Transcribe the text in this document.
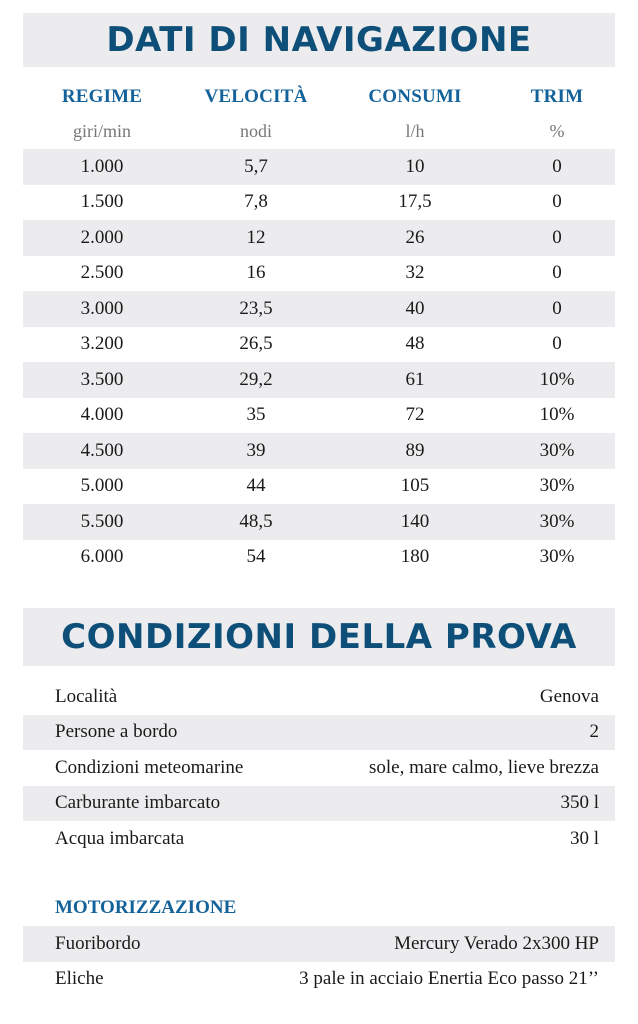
DATI DI NAVIGAZIONE
REGIME	VELOCITÀ	CONSUMI	TRIM
giri/min	nodi	l/h	%
1.000	5,7	10	0
1.500	7,8	17,5	0
2.000	12	26	0
2.500	16	32	0
3.000	23,5	40	0
3.200	26,5	48	0
3.500	29,2	61	10%
4.000	35	72	10%
4.500	39	89	30%
5.000	44	105	30%
5.500	48,5	140	30%
6.000	54	180	30%
CONDIZIONI DELLA PROVA
Località	Genova
Persone a bordo	2
Condizioni meteomarine	sole, mare calmo, lieve brezza
Carburante imbarcato	350 l
Acqua imbarcata	30 l
MOTORIZZAZIONE
Fuoribordo	Mercury Verado 2x300 HP
Eliche	3 pale in acciaio Enertia Eco passo 21’’
